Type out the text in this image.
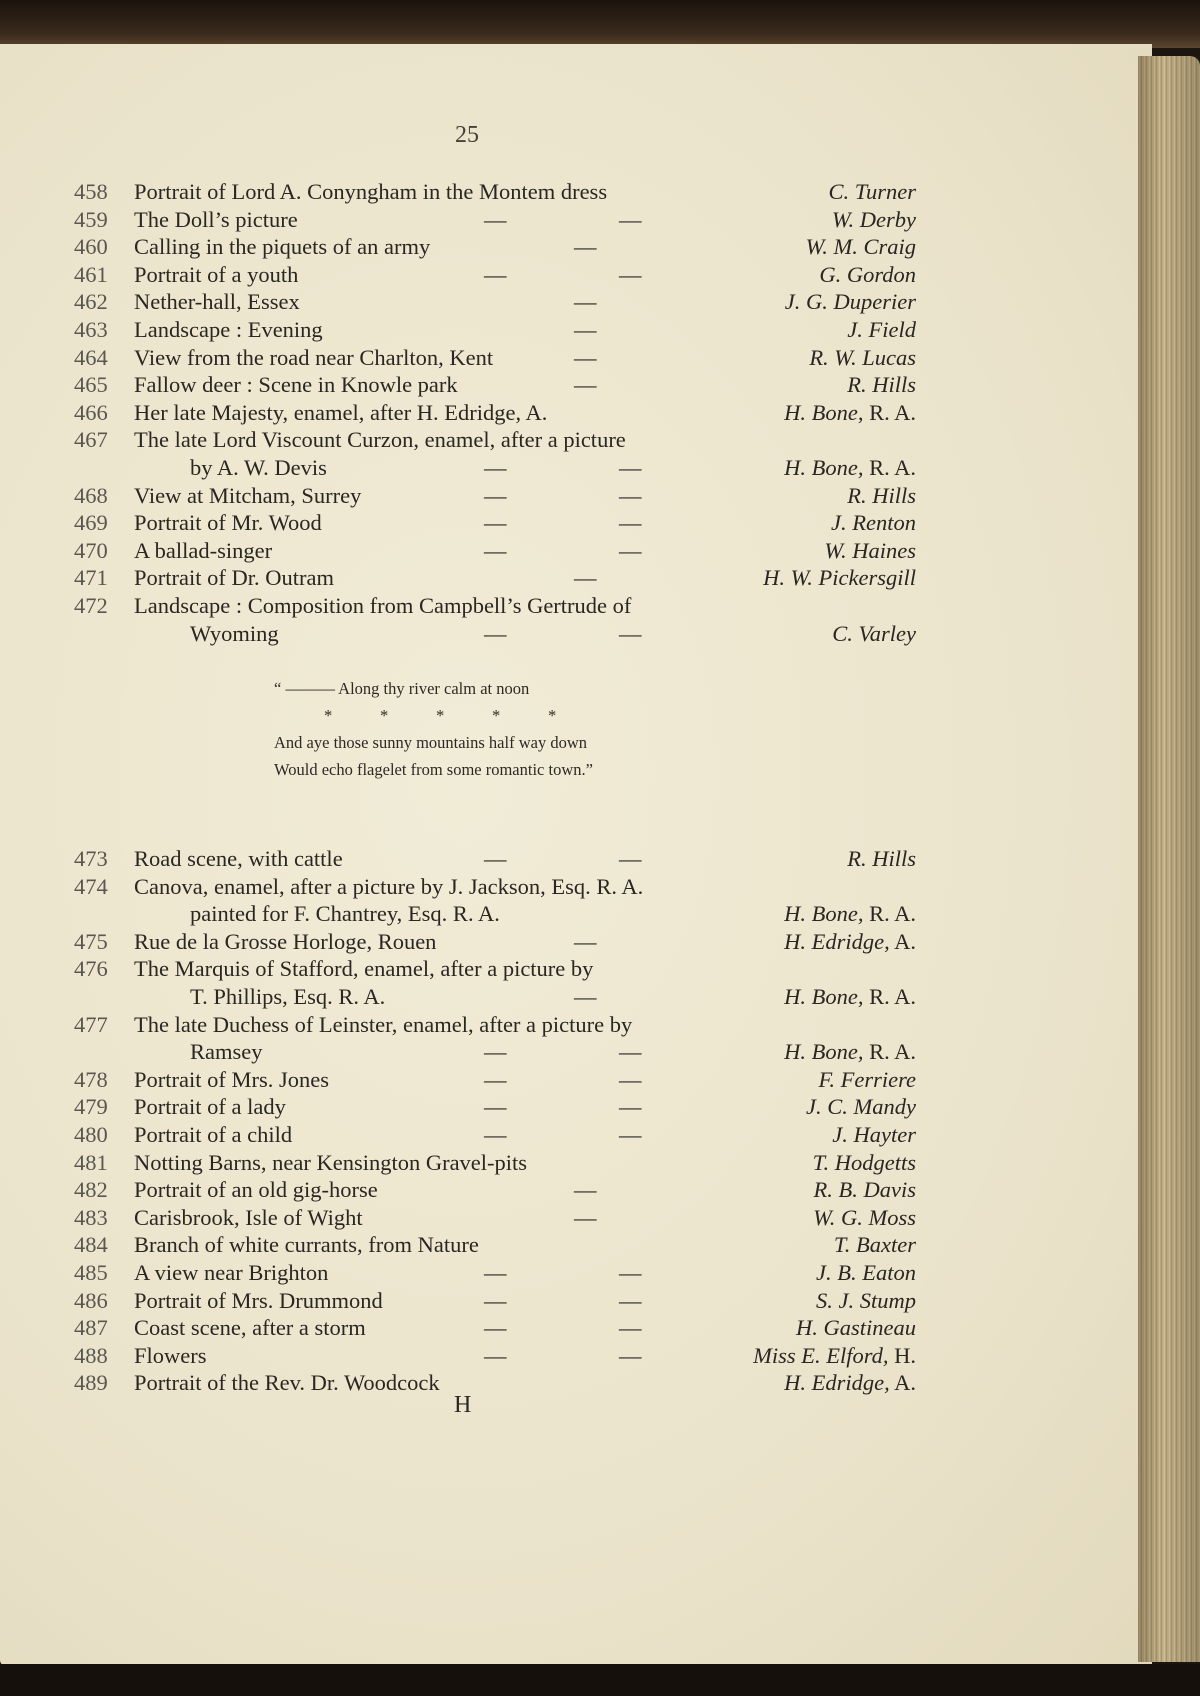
25
458	Portrait of Lord A. Conyngham in the Montem dress	C. Turner
459	The Doll’s picture	—	—	W. Derby
460	Calling in the piquets of an army	—	W. M. Craig
461	Portrait of a youth	—	—	G. Gordon
462	Nether-hall, Essex	—	J. G. Duperier
463	Landscape : Evening	—	J. Field
464	View from the road near Charlton, Kent	—	R. W. Lucas
465	Fallow deer : Scene in Knowle park	—	R. Hills
466	Her late Majesty, enamel, after H. Edridge, A.	H. Bone, R. A.
467	The late Lord Viscount Curzon, enamel, after a picture
by A. W. Devis	—	—	H. Bone, R. A.
468	View at Mitcham, Surrey	—	—	R. Hills
469	Portrait of Mr. Wood	—	—	J. Renton
470	A ballad-singer	—	—	W. Haines
471	Portrait of Dr. Outram	—	H. W. Pickersgill
472	Landscape : Composition from Campbell’s Gertrude of
Wyoming	—	—	C. Varley
“ ——— Along thy river calm at noon
*	*	*	*	*
And aye those sunny mountains half way down
Would echo flagelet from some romantic town.”
473	Road scene, with cattle	—	—	R. Hills
474	Canova, enamel, after a picture by J. Jackson, Esq. R. A.
painted for F. Chantrey, Esq. R. A.	H. Bone, R. A.
475	Rue de la Grosse Horloge, Rouen	—	H. Edridge, A.
476	The Marquis of Stafford, enamel, after a picture by
T. Phillips, Esq. R. A.	—	H. Bone, R. A.
477	The late Duchess of Leinster, enamel, after a picture by
Ramsey	—	—	H. Bone, R. A.
478	Portrait of Mrs. Jones	—	—	F. Ferriere
479	Portrait of a lady	—	—	J. C. Mandy
480	Portrait of a child	—	—	J. Hayter
481	Notting Barns, near Kensington Gravel-pits	T. Hodgetts
482	Portrait of an old gig-horse	—	R. B. Davis
483	Carisbrook, Isle of Wight	—	W. G. Moss
484	Branch of white currants, from Nature	T. Baxter
485	A view near Brighton	—	—	J. B. Eaton
486	Portrait of Mrs. Drummond	—	—	S. J. Stump
487	Coast scene, after a storm	—	—	H. Gastineau
488	Flowers	—	—	Miss E. Elford, H.
489	Portrait of the Rev. Dr. Woodcock	H. Edridge, A.
H
